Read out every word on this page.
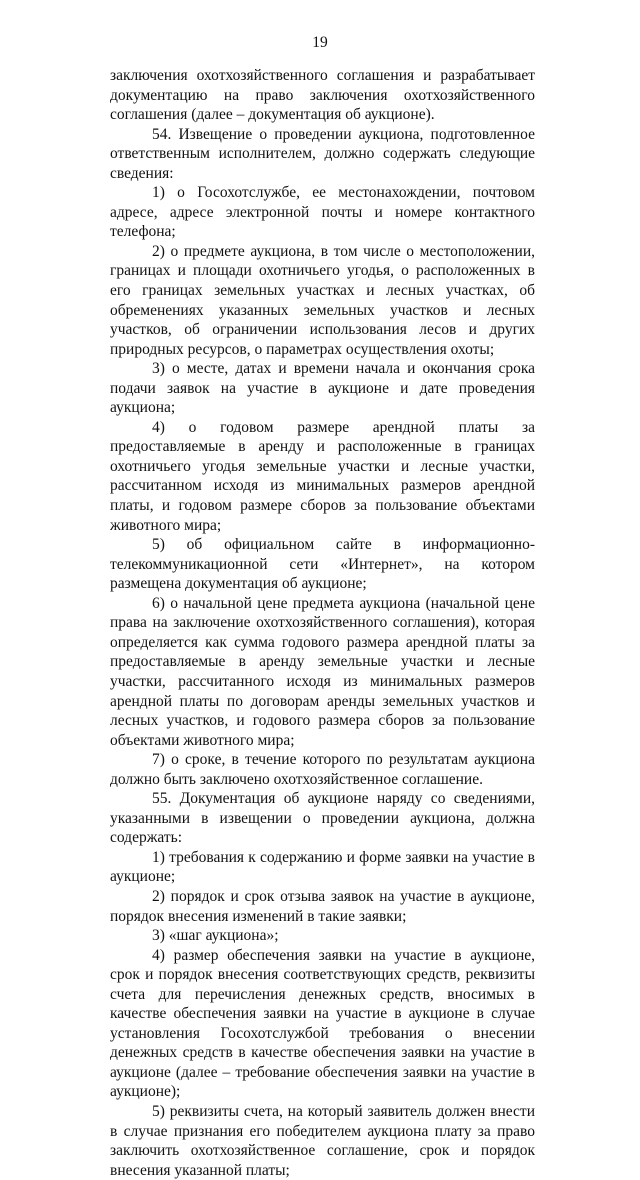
19

заключения охотхозяйственного соглашения и разрабатывает документацию на право заключения охотхозяйственного соглашения (далее – документация об аукционе).

54. Извещение о проведении аукциона, подготовленное ответственным исполнителем, должно содержать следующие сведения:

1) о Госохотслужбе, ее местонахождении, почтовом адресе, адресе электронной почты и номере контактного телефона;

2) о предмете аукциона, в том числе о местоположении, границах и площади охотничьего угодья, о расположенных в его границах земельных участках и лесных участках, об обременениях указанных земельных участков и лесных участков, об ограничении использования лесов и других природных ресурсов, о параметрах осуществления охоты;

3) о месте, датах и времени начала и окончания срока подачи заявок на участие в аукционе и дате проведения аукциона;

4) о годовом размере арендной платы за предоставляемые в аренду и расположенные в границах охотничьего угодья земельные участки и лесные участки, рассчитанном исходя из минимальных размеров арендной платы, и годовом размере сборов за пользование объектами животного мира;

5) об официальном сайте в информационно-телекоммуникационной сети «Интернет», на котором размещена документация об аукционе;

6) о начальной цене предмета аукциона (начальной цене права на заключение охотхозяйственного соглашения), которая определяется как сумма годового размера арендной платы за предоставляемые в аренду земельные участки и лесные участки, рассчитанного исходя из минимальных размеров арендной платы по договорам аренды земельных участков и лесных участков, и годового размера сборов за пользование объектами животного мира;

7) о сроке, в течение которого по результатам аукциона должно быть заключено охотхозяйственное соглашение.

55. Документация об аукционе наряду со сведениями, указанными в извещении о проведении аукциона, должна содержать:

1) требования к содержанию и форме заявки на участие в аукционе;

2) порядок и срок отзыва заявок на участие в аукционе, порядок внесения изменений в такие заявки;

3) «шаг аукциона»;

4) размер обеспечения заявки на участие в аукционе, срок и порядок внесения соответствующих средств, реквизиты счета для перечисления денежных средств, вносимых в качестве обеспечения заявки на участие в аукционе в случае установления Госохотслужбой требования о внесении денежных средств в качестве обеспечения заявки на участие в аукционе (далее – требование обеспечения заявки на участие в аукционе);

5) реквизиты счета, на который заявитель должен внести в случае признания его победителем аукциона плату за право заключить охотхозяйственное соглашение, срок и порядок внесения указанной платы;
